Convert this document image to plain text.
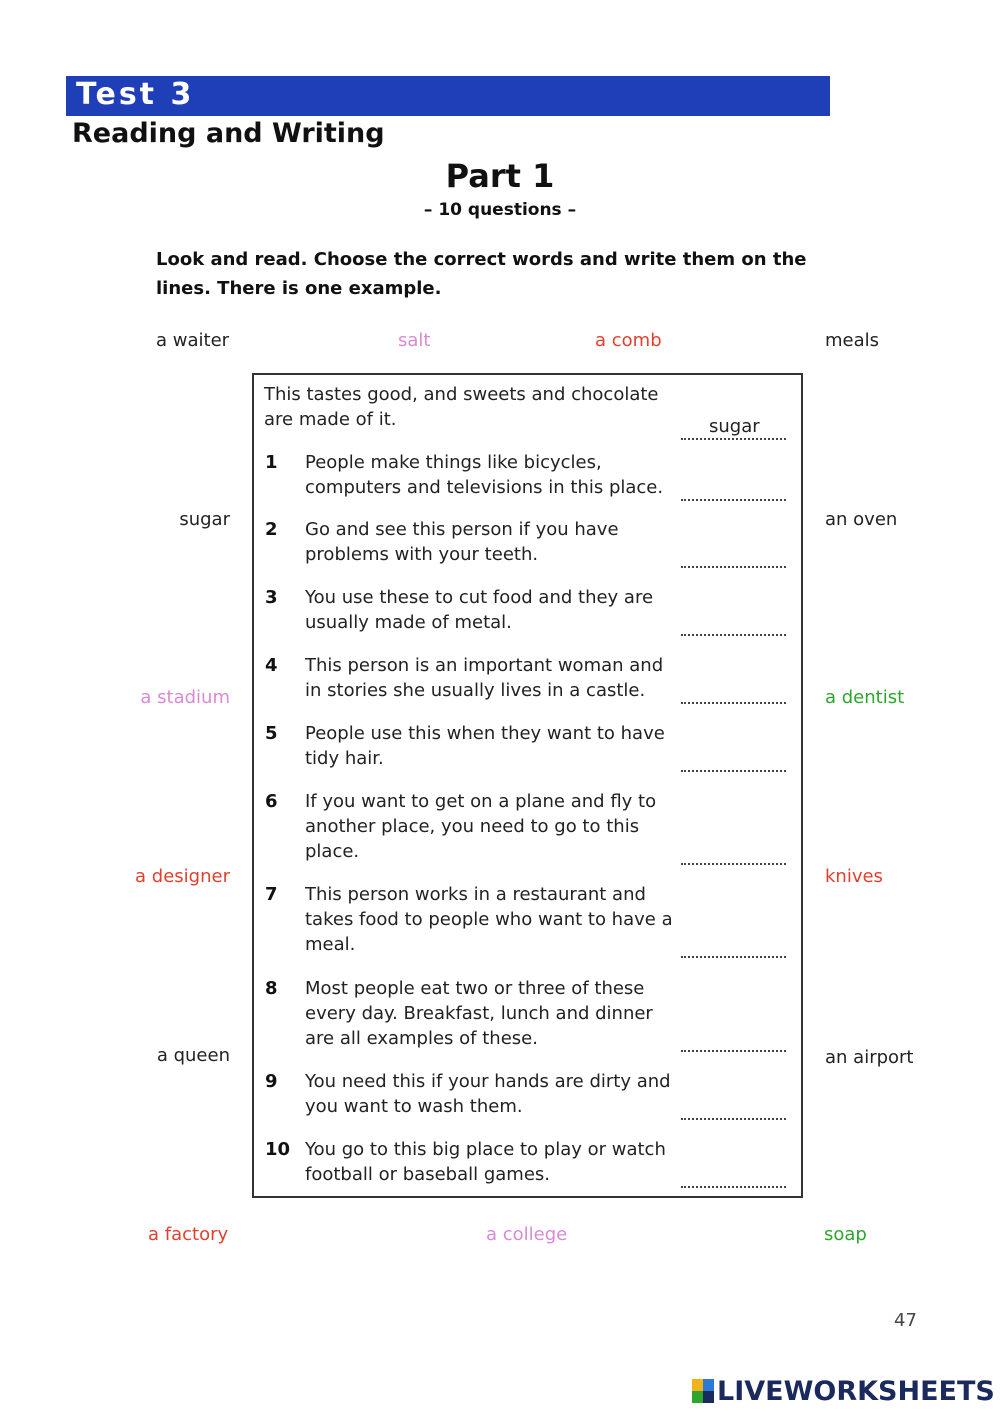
Test 3
Reading and Writing
Part 1
– 10 questions –
Look and read. Choose the correct words and write them on the lines. There is one example.
a waiter	salt	a comb	meals
sugar	an oven
a stadium	a dentist
a designer	knives
a queen	an airport
a factory	a college	soap
This tastes good, and sweets and chocolate are made of it.	sugar
1 People make things like bicycles, computers and televisions in this place.
2 Go and see this person if you have problems with your teeth.
3 You use these to cut food and they are usually made of metal.
4 This person is an important woman and in stories she usually lives in a castle.
5 People use this when they want to have tidy hair.
6 If you want to get on a plane and fly to another place, you need to go to this place.
7 This person works in a restaurant and takes food to people who want to have a meal.
8 Most people eat two or three of these every day. Breakfast, lunch and dinner are all examples of these.
9 You need this if your hands are dirty and you want to wash them.
10 You go to this big place to play or watch football or baseball games.
47
LIVEWORKSHEETS
